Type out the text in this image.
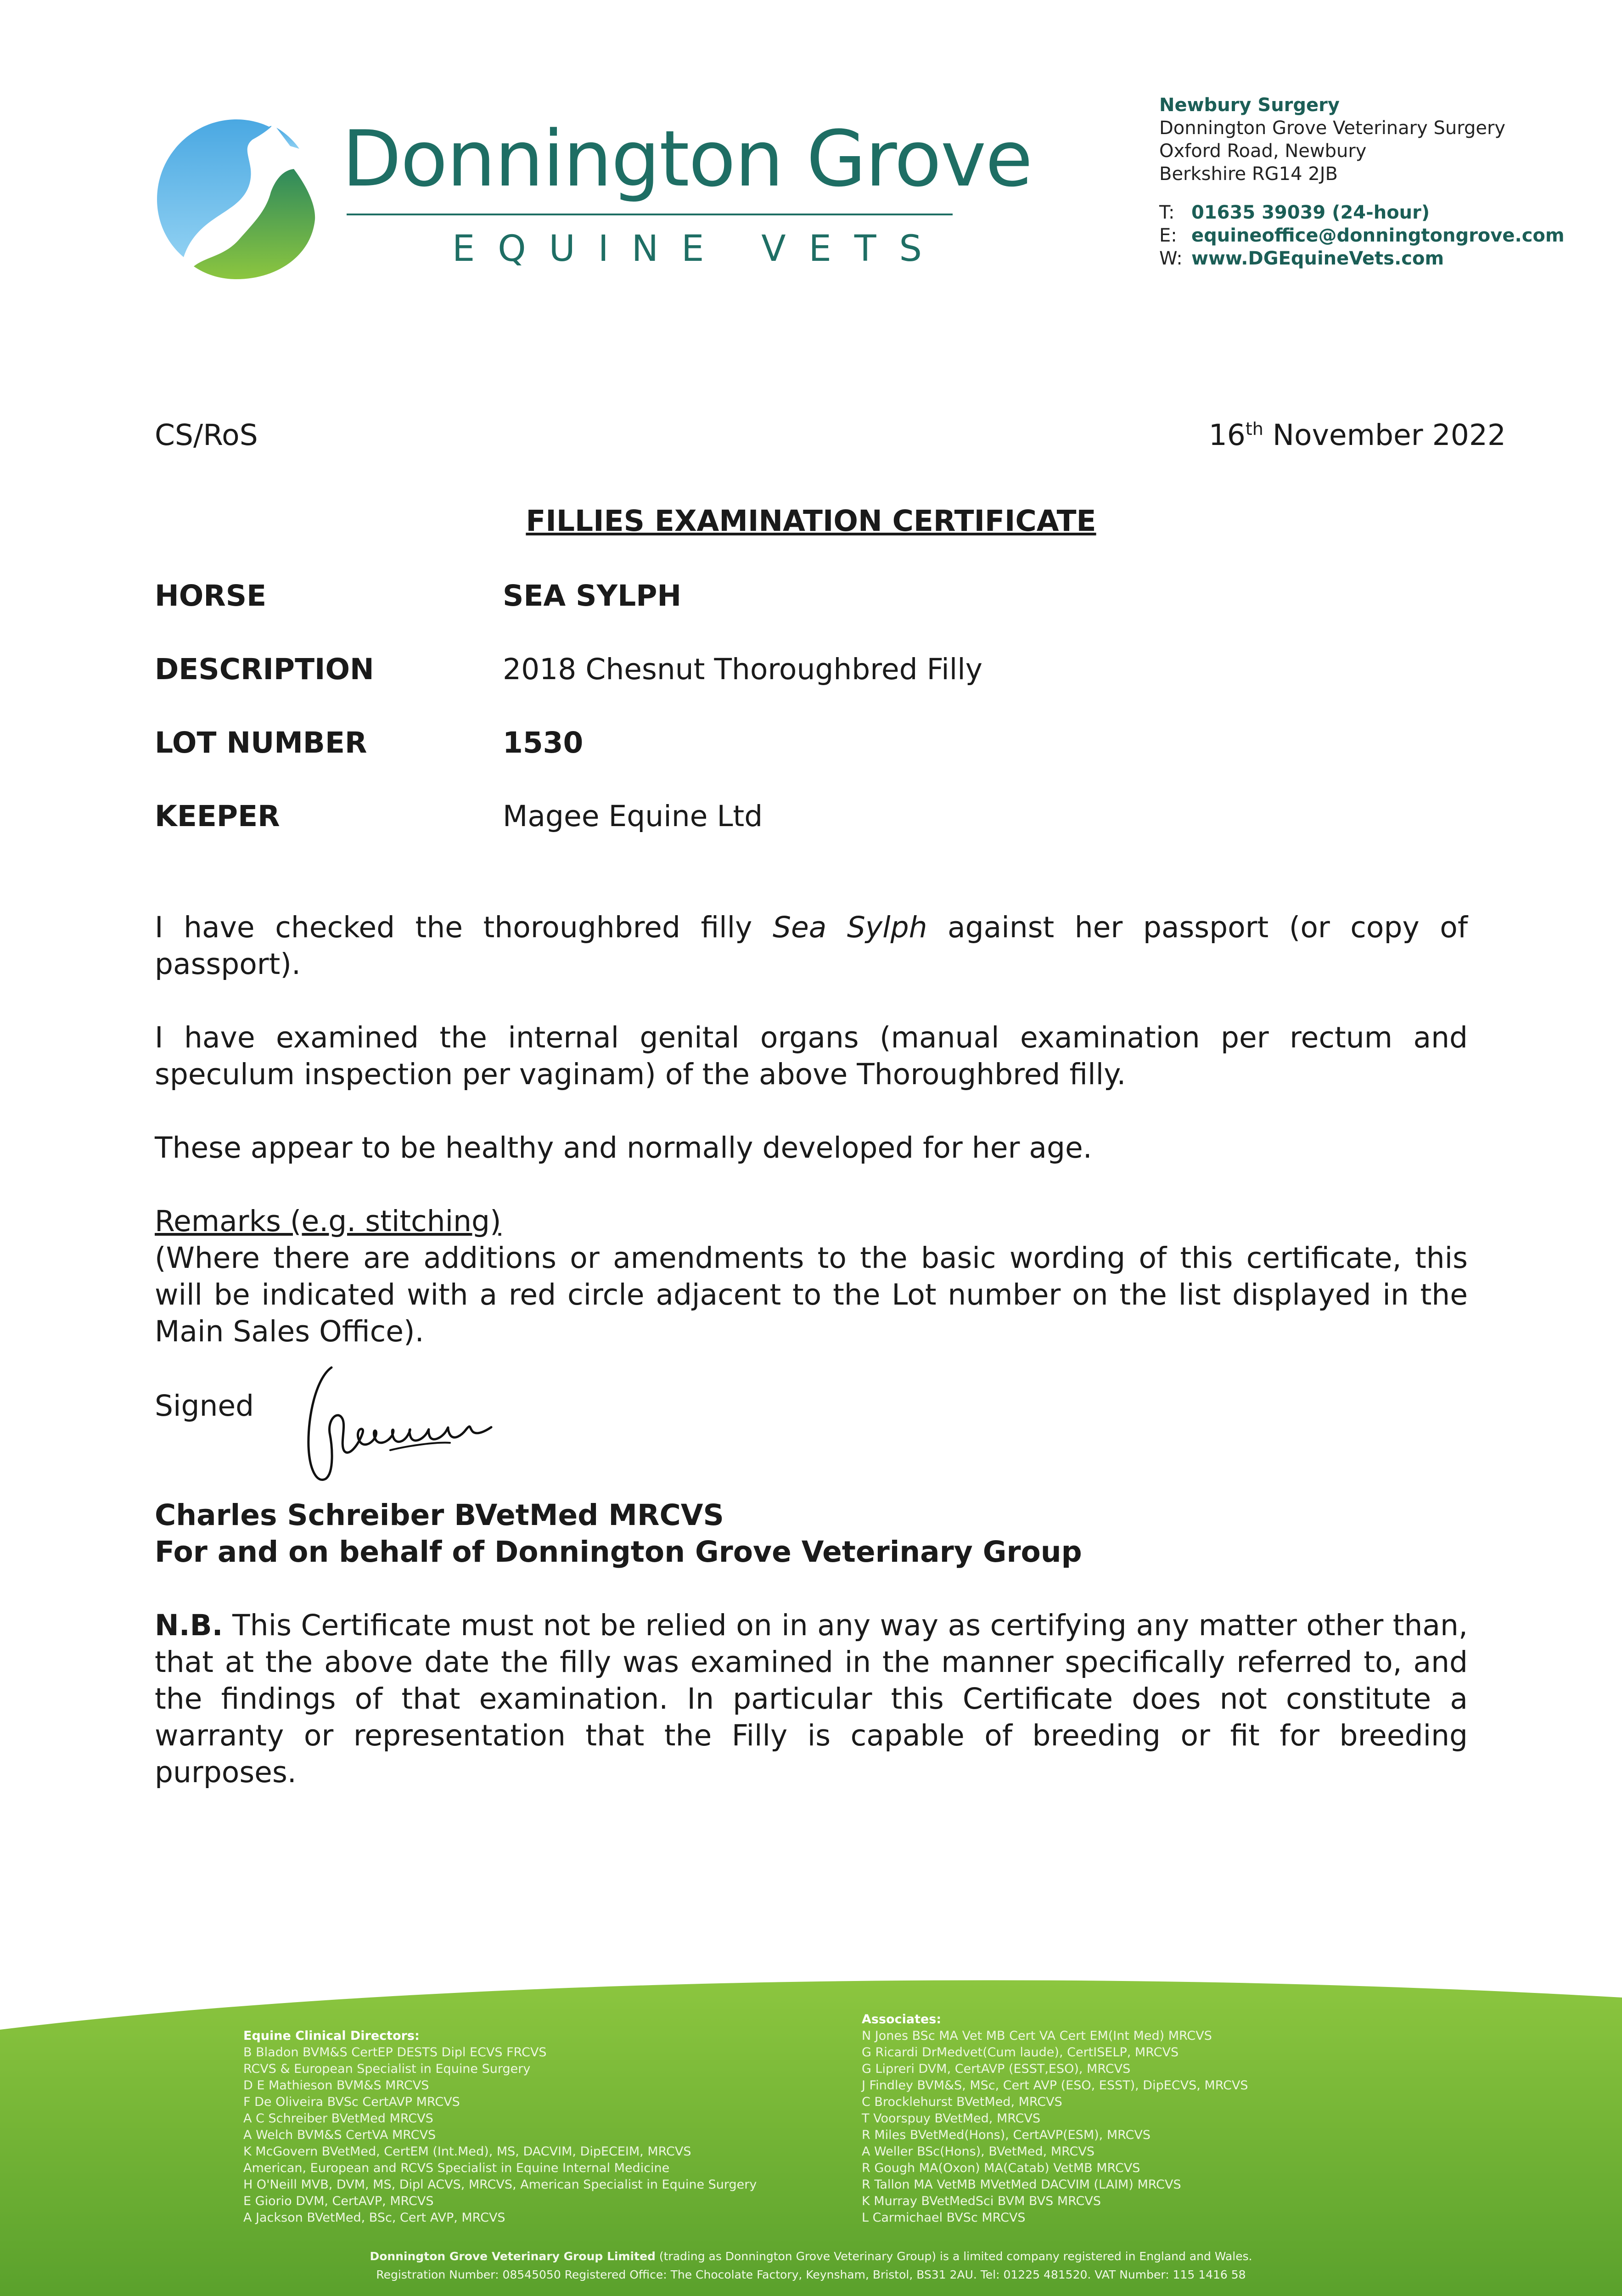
Donnington Grove
EQUINE VETS
Newbury Surgery
Donnington Grove Veterinary Surgery
Oxford Road, Newbury
Berkshire RG14 2JB
T: 01635 39039 (24-hour)
E: equineoffice@donningtongrove.com
W: www.DGEquineVets.com
CS/RoS	16th November 2022
FILLIES EXAMINATION CERTIFICATE
HORSE	SEA SYLPH
DESCRIPTION	2018 Chesnut Thoroughbred Filly
LOT NUMBER	1530
KEEPER	Magee Equine Ltd
I have checked the thoroughbred filly Sea Sylph against her passport (or copy of passport).
I have examined the internal genital organs (manual examination per rectum and speculum inspection per vaginam) of the above Thoroughbred filly.
These appear to be healthy and normally developed for her age.
Remarks (e.g. stitching)
(Where there are additions or amendments to the basic wording of this certificate, this will be indicated with a red circle adjacent to the Lot number on the list displayed in the Main Sales Office).
Signed
Charles Schreiber BVetMed MRCVS
For and on behalf of Donnington Grove Veterinary Group
N.B. This Certificate must not be relied on in any way as certifying any matter other than, that at the above date the filly was examined in the manner specifically referred to, and the findings of that examination. In particular this Certificate does not constitute a warranty or representation that the Filly is capable of breeding or fit for breeding purposes.
Equine Clinical Directors:
B Bladon BVM&S CertEP DESTS Dipl ECVS FRCVS
RCVS & European Specialist in Equine Surgery
D E Mathieson BVM&S MRCVS
F De Oliveira BVSc CertAVP MRCVS
A C Schreiber BVetMed MRCVS
A Welch BVM&S CertVA MRCVS
K McGovern BVetMed, CertEM (Int.Med), MS, DACVIM, DipECEIM, MRCVS
American, European and RCVS Specialist in Equine Internal Medicine
H O'Neill MVB, DVM, MS, Dipl ACVS, MRCVS, American Specialist in Equine Surgery
E Giorio DVM, CertAVP, MRCVS
A Jackson BVetMed, BSc, Cert AVP, MRCVS
Associates:
N Jones BSc MA Vet MB Cert VA Cert EM(Int Med) MRCVS
G Ricardi DrMedvet(Cum laude), CertISELP, MRCVS
G Lipreri DVM, CertAVP (ESST,ESO), MRCVS
J Findley BVM&S, MSc, Cert AVP (ESO, ESST), DipECVS, MRCVS
C Brocklehurst BVetMed, MRCVS
T Voorspuy BVetMed, MRCVS
R Miles BVetMed(Hons), CertAVP(ESM), MRCVS
A Weller BSc(Hons), BVetMed, MRCVS
R Gough MA(Oxon) MA(Catab) VetMB MRCVS
R Tallon MA VetMB MVetMed DACVIM (LAIM) MRCVS
K Murray BVetMedSci BVM BVS MRCVS
L Carmichael BVSc MRCVS
Donnington Grove Veterinary Group Limited (trading as Donnington Grove Veterinary Group) is a limited company registered in England and Wales.
Registration Number: 08545050 Registered Office: The Chocolate Factory, Keynsham, Bristol, BS31 2AU. Tel: 01225 481520. VAT Number: 115 1416 58
